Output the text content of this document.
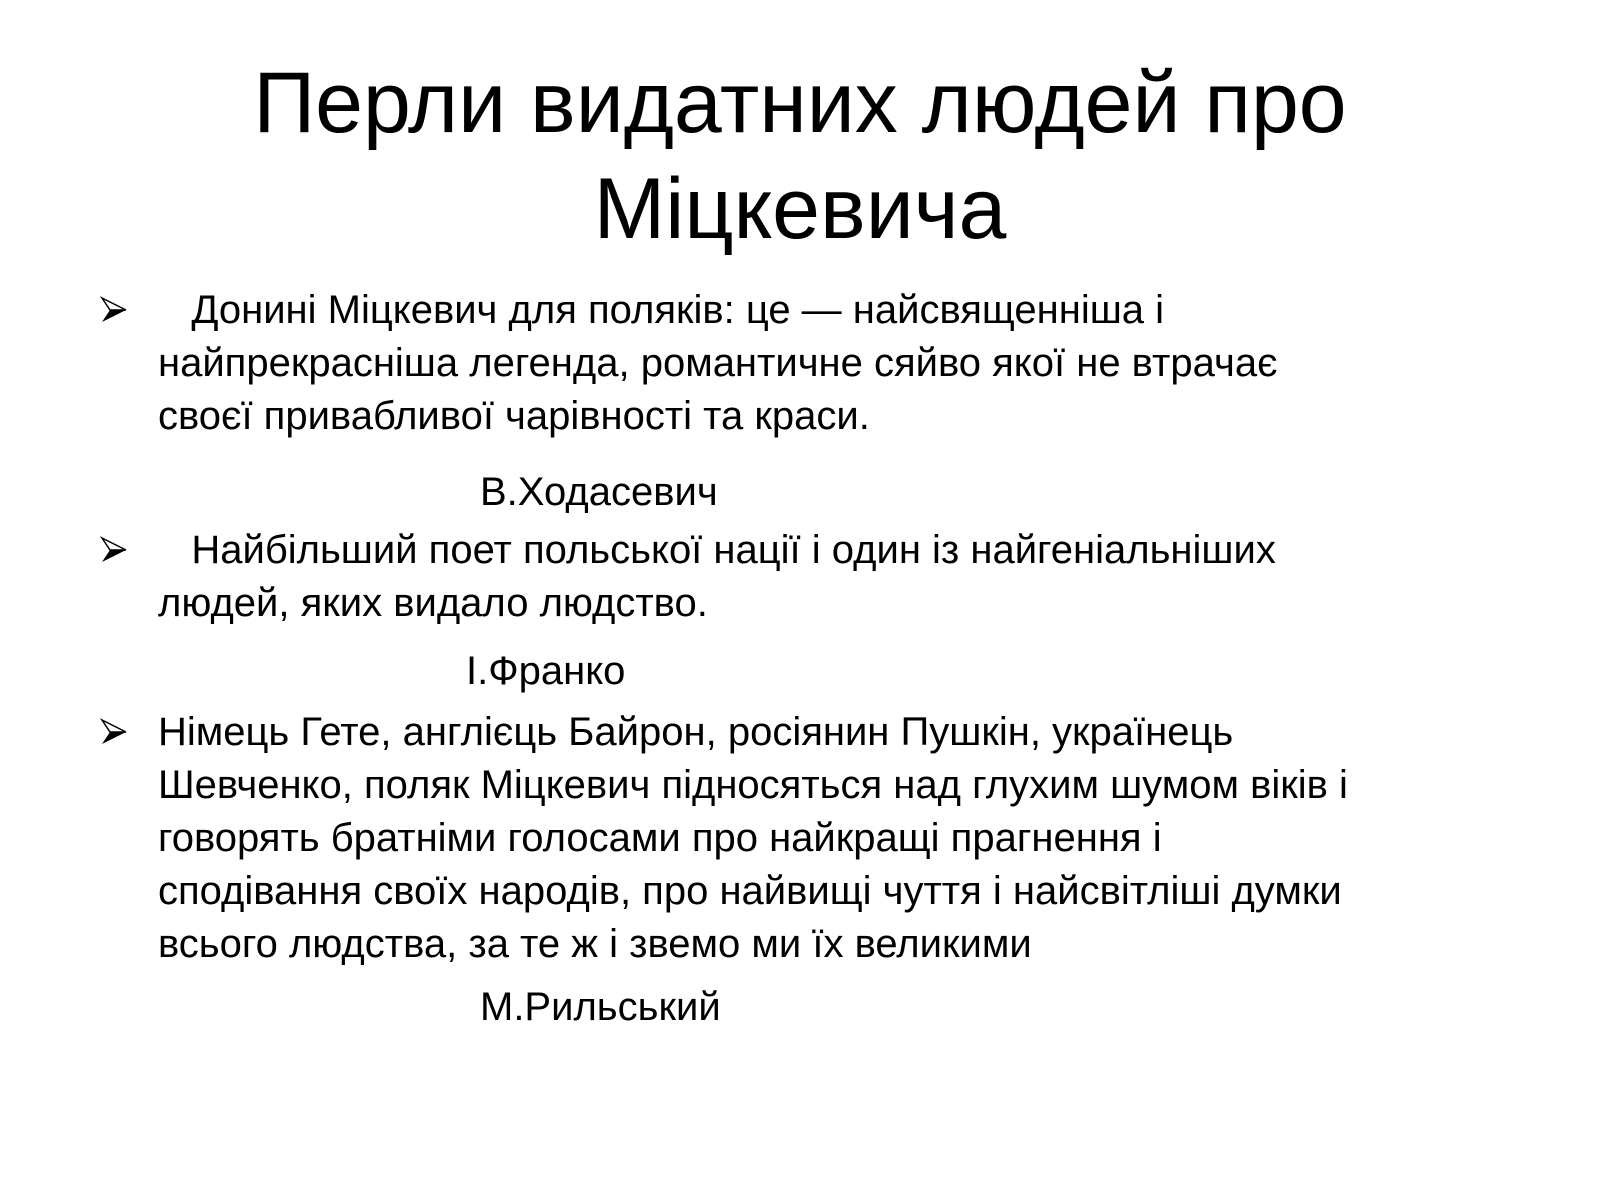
Перли видатних людей про
Міцкевича
Донині Міцкевич для поляків: це — найсвященніша і
найпрекрасніша легенда, романтичне сяйво якої не втрачає
своєї привабливої чарівності та краси.
В.Ходасевич
Найбільший поет польської нації і один із найгеніальніших
людей, яких видало людство.
І.Франко
Німець Гете, англієць Байрон, росіянин Пушкін, українець
Шевченко, поляк Міцкевич підносяться над глухим шумом віків і
говорять братніми голосами про найкращі прагнення і
сподівання своїх народів, про найвищі чуття і найсвітліші думки
всього людства, за те ж і звемо ми їх великими
М.Рильський
